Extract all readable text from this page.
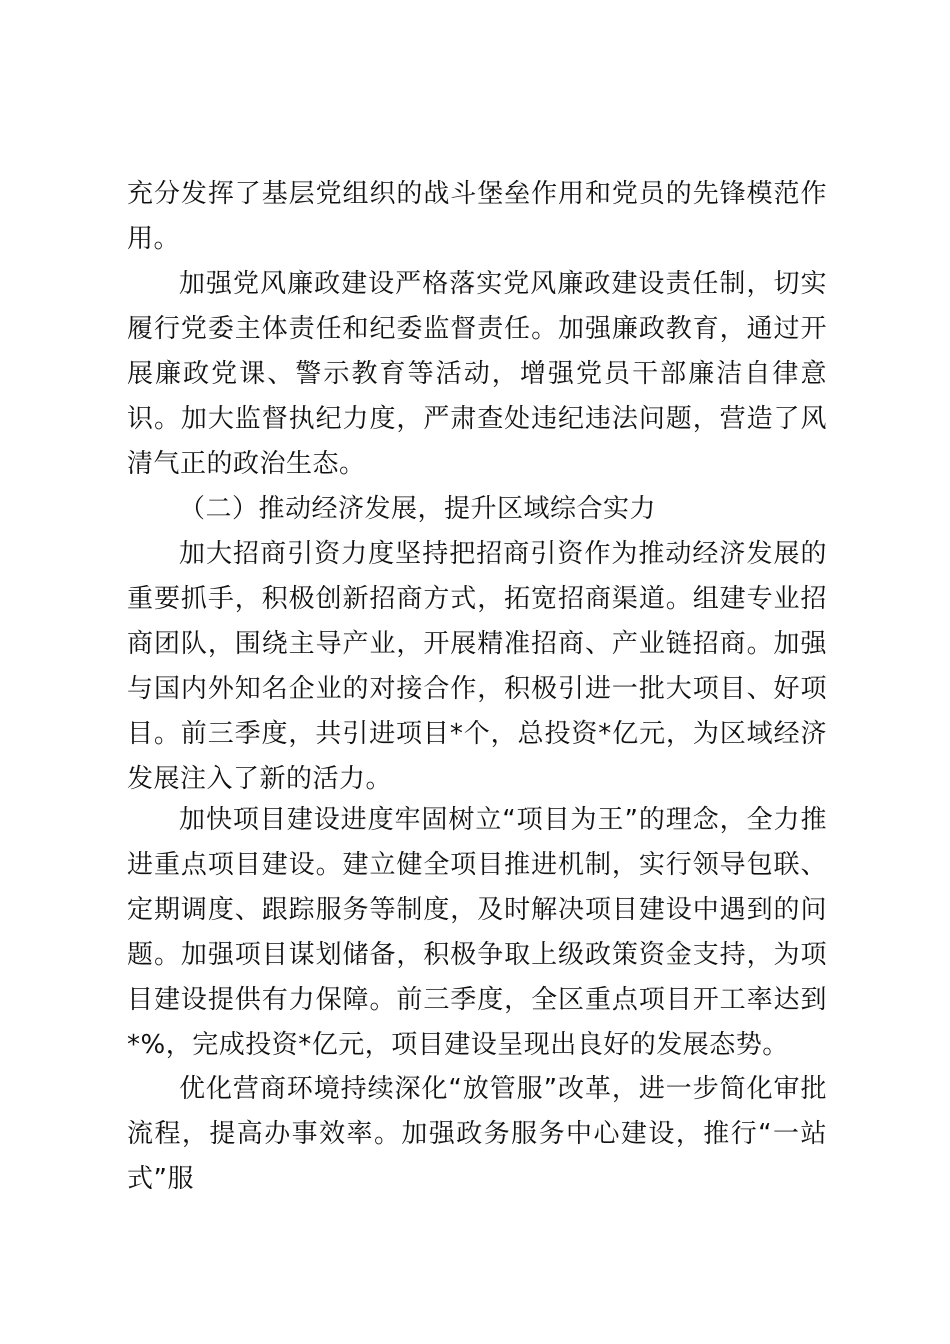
充分发挥了基层党组织的战斗堡垒作用和党员的先锋模范作用。

加强党风廉政建设严格落实党风廉政建设责任制，切实履行党委主体责任和纪委监督责任。加强廉政教育，通过开展廉政党课、警示教育等活动，增强党员干部廉洁自律意识。加大监督执纪力度，严肃查处违纪违法问题，营造了风清气正的政治生态。

（二）推动经济发展，提升区域综合实力

加大招商引资力度坚持把招商引资作为推动经济发展的重要抓手，积极创新招商方式，拓宽招商渠道。组建专业招商团队，围绕主导产业，开展精准招商、产业链招商。加强与国内外知名企业的对接合作，积极引进一批大项目、好项目。前三季度，共引进项目*个，总投资*亿元，为区域经济发展注入了新的活力。

加快项目建设进度牢固树立“项目为王”的理念，全力推进重点项目建设。建立健全项目推进机制，实行领导包联、定期调度、跟踪服务等制度，及时解决项目建设中遇到的问题。加强项目谋划储备，积极争取上级政策资金支持，为项目建设提供有力保障。前三季度，全区重点项目开工率达到*%，完成投资*亿元，项目建设呈现出良好的发展态势。

优化营商环境持续深化“放管服”改革，进一步简化审批流程，提高办事效率。加强政务服务中心建设，推行“一站式”服
